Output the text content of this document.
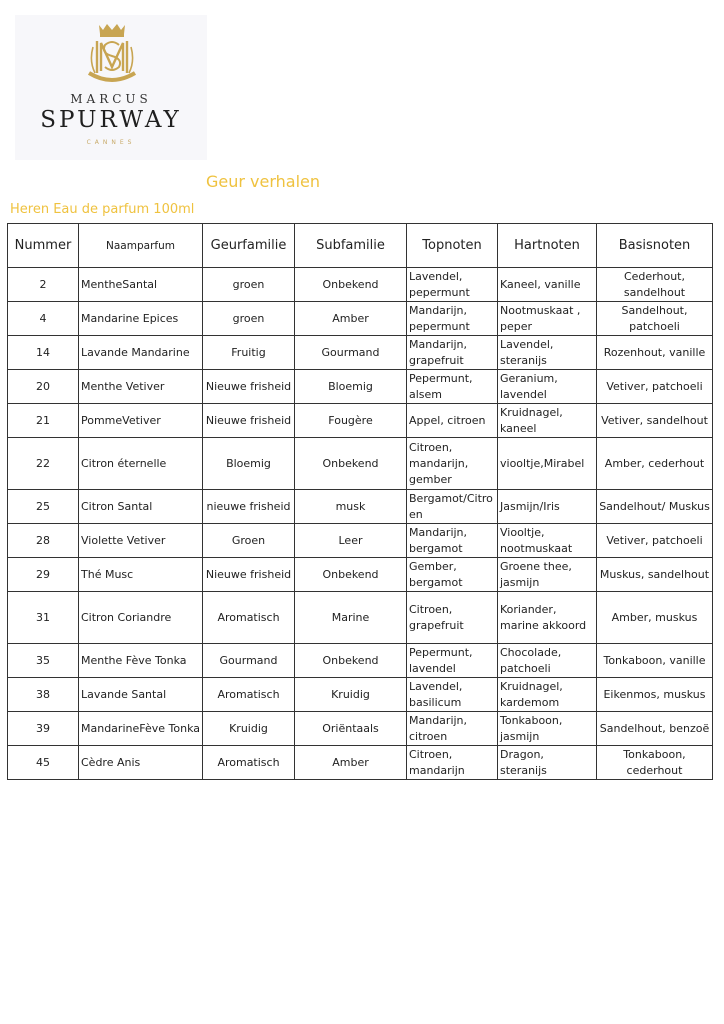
MARCUS
SPURWAY
CANNES
Geur verhalen
Heren Eau de parfum 100ml
Nummer	Naamparfum	Geurfamilie	Subfamilie	Topnoten	Hartnoten	Basisnoten
2	MentheSantal	groen	Onbekend	Lavendel, pepermunt	Kaneel, vanille	Cederhout, sandelhout
4	Mandarine Epices	groen	Amber	Mandarijn, pepermunt	Nootmuskaat , peper	Sandelhout, patchoeli
14	Lavande Mandarine	Fruitig	Gourmand	Mandarijn, grapefruit	Lavendel, steranijs	Rozenhout, vanille
20	Menthe Vetiver	Nieuwe frisheid	Bloemig	Pepermunt, alsem	Geranium, lavendel	Vetiver, patchoeli
21	PommeVetiver	Nieuwe frisheid	Fougère	Appel, citroen	Kruidnagel, kaneel	Vetiver, sandelhout
22	Citron éternelle	Bloemig	Onbekend	Citroen, mandarijn, gember	viooltje,Mirabel	Amber, cederhout
25	Citron Santal	nieuwe frisheid	musk	Bergamot/Citroen	Jasmijn/Iris	Sandelhout/ Muskus
28	Violette Vetiver	Groen	Leer	Mandarijn, bergamot	Viooltje, nootmuskaat	Vetiver, patchoeli
29	Thé Musc	Nieuwe frisheid	Onbekend	Gember, bergamot	Groene thee, jasmijn	Muskus, sandelhout
31	Citron Coriandre	Aromatisch	Marine	Citroen, grapefruit	Koriander, marine akkoord	Amber, muskus
35	Menthe Fève Tonka	Gourmand	Onbekend	Pepermunt, lavendel	Chocolade, patchoeli	Tonkaboon, vanille
38	Lavande Santal	Aromatisch	Kruidig	Lavendel, basilicum	Kruidnagel, kardemom	Eikenmos, muskus
39	MandarineFève Tonka	Kruidig	Oriëntaals	Mandarijn, citroen	Tonkaboon, jasmijn	Sandelhout, benzoë
45	Cèdre Anis	Aromatisch	Amber	Citroen, mandarijn	Dragon, steranijs	Tonkaboon, cederhout
